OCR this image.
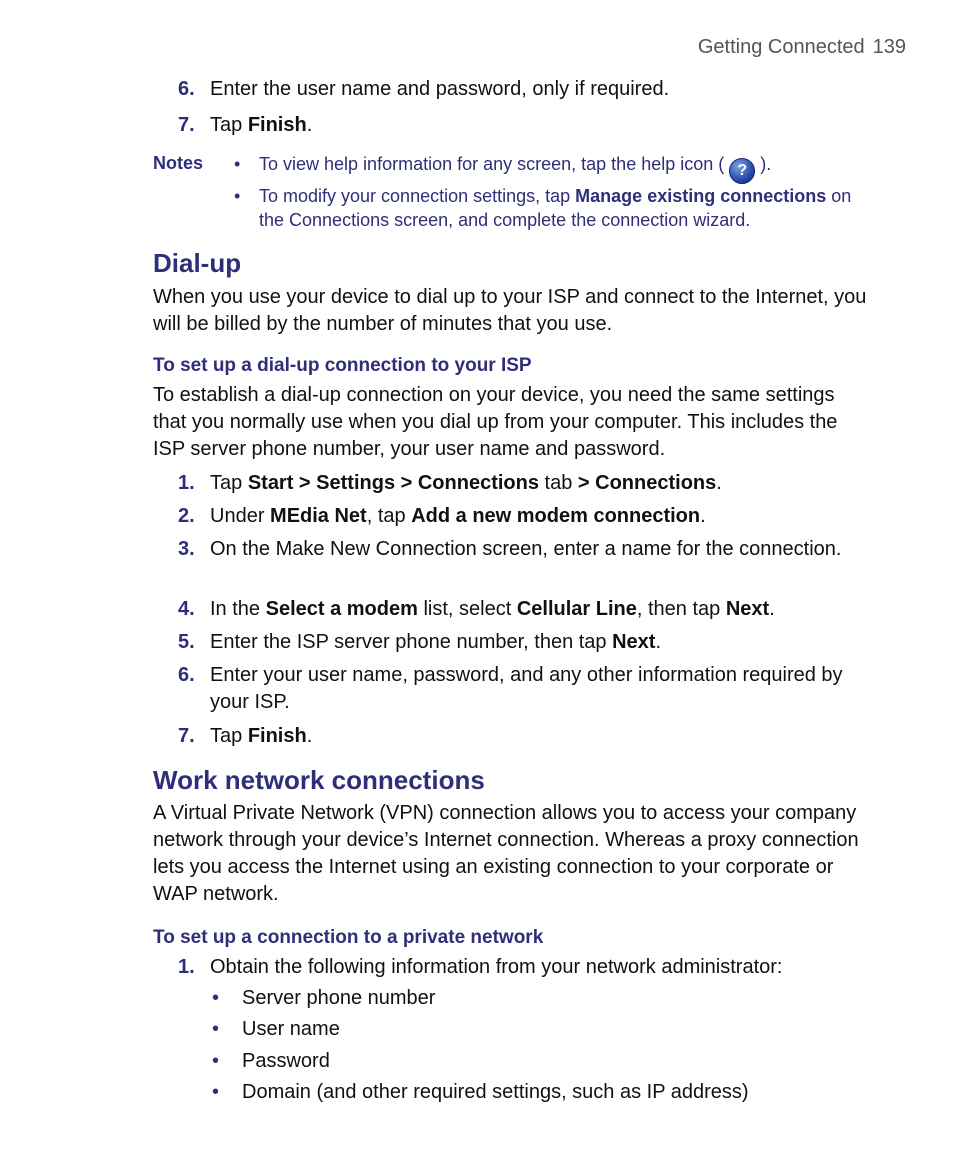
Getting Connected 139
6. Enter the user name and password, only if required.
7. Tap Finish.
Notes • To view help information for any screen, tap the help icon ( ? ).
• To modify your connection settings, tap Manage existing connections on the Connections screen, and complete the connection wizard.
Dial-up
When you use your device to dial up to your ISP and connect to the Internet, you will be billed by the number of minutes that you use.
To set up a dial-up connection to your ISP
To establish a dial-up connection on your device, you need the same settings that you normally use when you dial up from your computer. This includes the ISP server phone number, your user name and password.
1. Tap Start > Settings > Connections tab > Connections.
2. Under MEdia Net, tap Add a new modem connection.
3. On the Make New Connection screen, enter a name for the connection.
4. In the Select a modem list, select Cellular Line, then tap Next.
5. Enter the ISP server phone number, then tap Next.
6. Enter your user name, password, and any other information required by your ISP.
7. Tap Finish.
Work network connections
A Virtual Private Network (VPN) connection allows you to access your company network through your device’s Internet connection. Whereas a proxy connection lets you access the Internet using an existing connection to your corporate or WAP network.
To set up a connection to a private network
1. Obtain the following information from your network administrator:
• Server phone number
• User name
• Password
• Domain (and other required settings, such as IP address)
